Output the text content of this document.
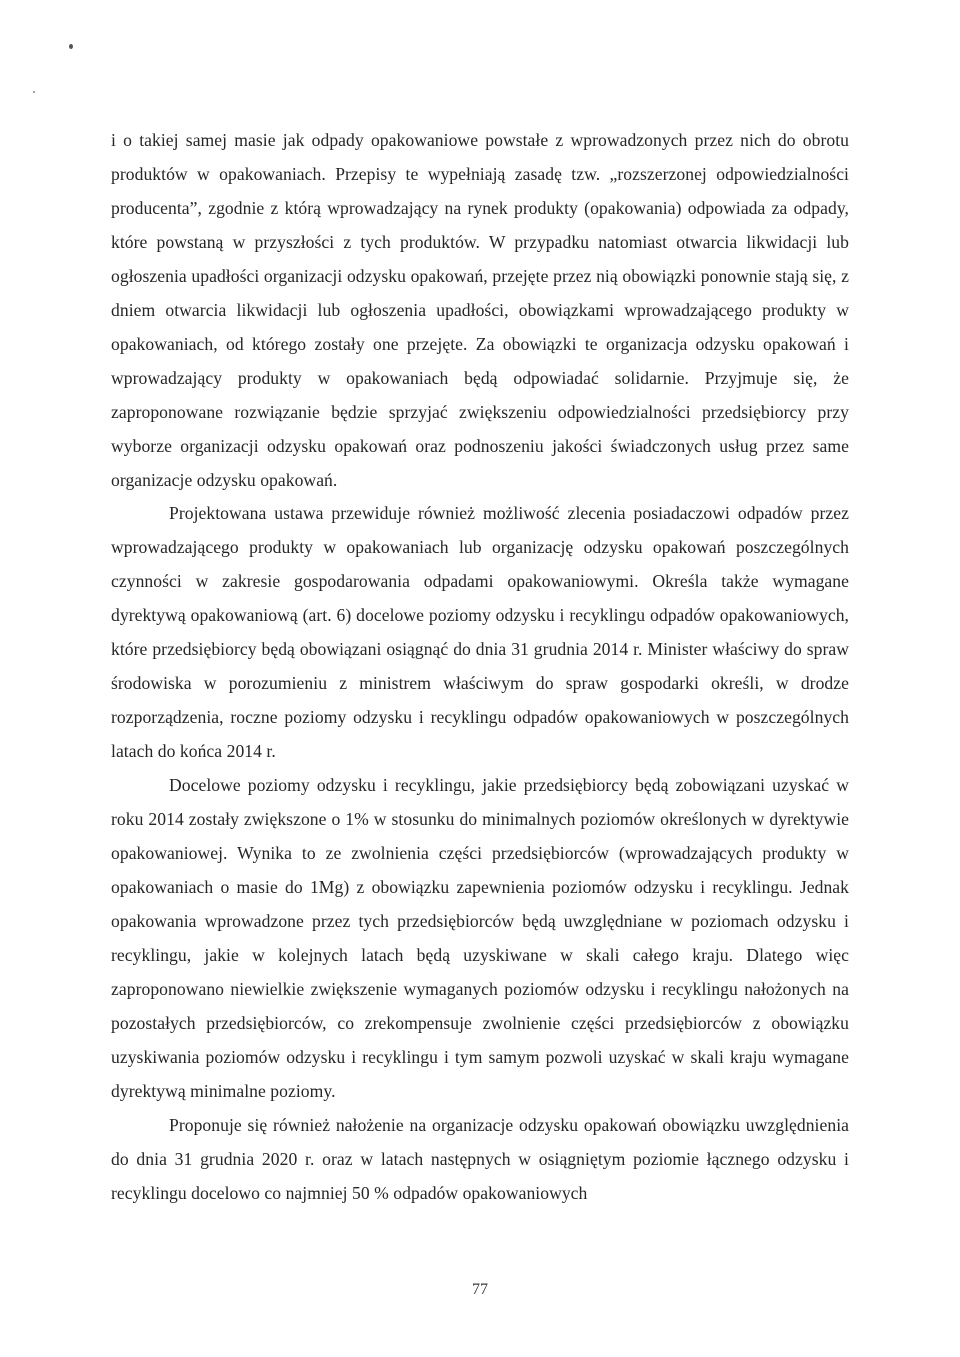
i o takiej samej masie jak odpady opakowaniowe powstałe z wprowadzonych przez nich do obrotu produktów w opakowaniach. Przepisy te wypełniają zasadę tzw. „rozszerzonej odpowiedzialności producenta”, zgodnie z którą wprowadzający na rynek produkty (opakowania) odpowiada za odpady, które powstaną w przyszłości z tych produktów. W przypadku natomiast otwarcia likwidacji lub ogłoszenia upadłości organizacji odzysku opakowań, przejęte przez nią obowiązki ponownie stają się, z dniem otwarcia likwidacji lub ogłoszenia upadłości, obowiązkami wprowadzającego produkty w opakowaniach, od którego zostały one przejęte. Za obowiązki te organizacja odzysku opakowań i wprowadzający produkty w opakowaniach będą odpowiadać solidarnie. Przyjmuje się, że zaproponowane rozwiązanie będzie sprzyjać zwiększeniu odpowiedzialności przedsiębiorcy przy wyborze organizacji odzysku opakowań oraz podnoszeniu jakości świadczonych usług przez same organizacje odzysku opakowań.

Projektowana ustawa przewiduje również możliwość zlecenia posiadaczowi odpadów przez wprowadzającego produkty w opakowaniach lub organizację odzysku opakowań poszczególnych czynności w zakresie gospodarowania odpadami opakowaniowymi. Określa także wymagane dyrektywą opakowaniową (art. 6) docelowe poziomy odzysku i recyklingu odpadów opakowaniowych, które przedsiębiorcy będą obowiązani osiągnąć do dnia 31 grudnia 2014 r. Minister właściwy do spraw środowiska w porozumieniu z ministrem właściwym do spraw gospodarki określi, w drodze rozporządzenia, roczne poziomy odzysku i recyklingu odpadów opakowaniowych w poszczególnych latach do końca 2014 r.

Docelowe poziomy odzysku i recyklingu, jakie przedsiębiorcy będą zobowiązani uzyskać w roku 2014 zostały zwiększone o 1% w stosunku do minimalnych poziomów określonych w dyrektywie opakowaniowej. Wynika to ze zwolnienia części przedsiębiorców (wprowadzających produkty w opakowaniach o masie do 1Mg) z obowiązku zapewnienia poziomów odzysku i recyklingu. Jednak opakowania wprowadzone przez tych przedsiębiorców będą uwzględniane w poziomach odzysku i recyklingu, jakie w kolejnych latach będą uzyskiwane w skali całego kraju. Dlatego więc zaproponowano niewielkie zwiększenie wymaganych poziomów odzysku i recyklingu nałożonych na pozostałych przedsiębiorców, co zrekompensuje zwolnienie części przedsiębiorców z obowiązku uzyskiwania poziomów odzysku i recyklingu i tym samym pozwoli uzyskać w skali kraju wymagane dyrektywą minimalne poziomy.

Proponuje się również nałożenie na organizacje odzysku opakowań obowiązku uwzględnienia do dnia 31 grudnia 2020 r. oraz w latach następnych w osiągniętym poziomie łącznego odzysku i recyklingu docelowo co najmniej 50 % odpadów opakowaniowych

77
